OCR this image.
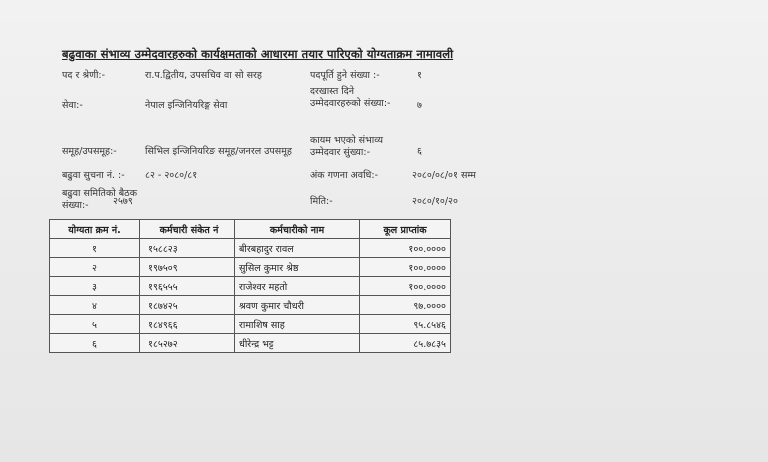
बढुवाका संभाव्य उम्मेदवारहरुको कार्यक्षमताको आधारमा तयार पारिएको योग्यताक्रम नामावली
पद र श्रेणी:-	रा.प.द्वितीय, उपसचिव वा सो सरह	पदपूर्ति हुने संख्या :-	१
सेवा:-	नेपाल इन्जिनियरिङ्ग सेवा
दरखास्त दिने उम्मेदवारहरुको संख्या:-	७
समूह/उपसमूह:-	सिभिल इन्जिनियरिङ समूह/जनरल उपसमूह
कायम भएको संभाव्य उम्मेदवार सुंख्या:-	६
बढुवा सुचना नं. :- ८२ - २०८०/८१	अंक गणना अवधि:-	२०८०/०८/०१ सम्म
बढुवा समितिको बैठक संख्या:-	२५७९	मिति:-	२०८०/१०/२०
योग्यता क्रम नं.	कर्मचारी संकेत नं	कर्मचारीको नाम	कूल प्राप्तांक
१	१५८८२३	बीरबहादुर रावल	१००.००००
२	१९७५०९	सुसिल कुमार श्रेष्ठ	१००.००००
३	१९६५५५	राजेश्वर महतो	१००.००००
४	१८७४२५	श्रवण कुमार चौधरी	९७.००००
५	१८४९६६	रामाशिष साह	९५.८५४६
६	१८५२७२	धीरेन्द्र भट्ट	८५.७८३५
